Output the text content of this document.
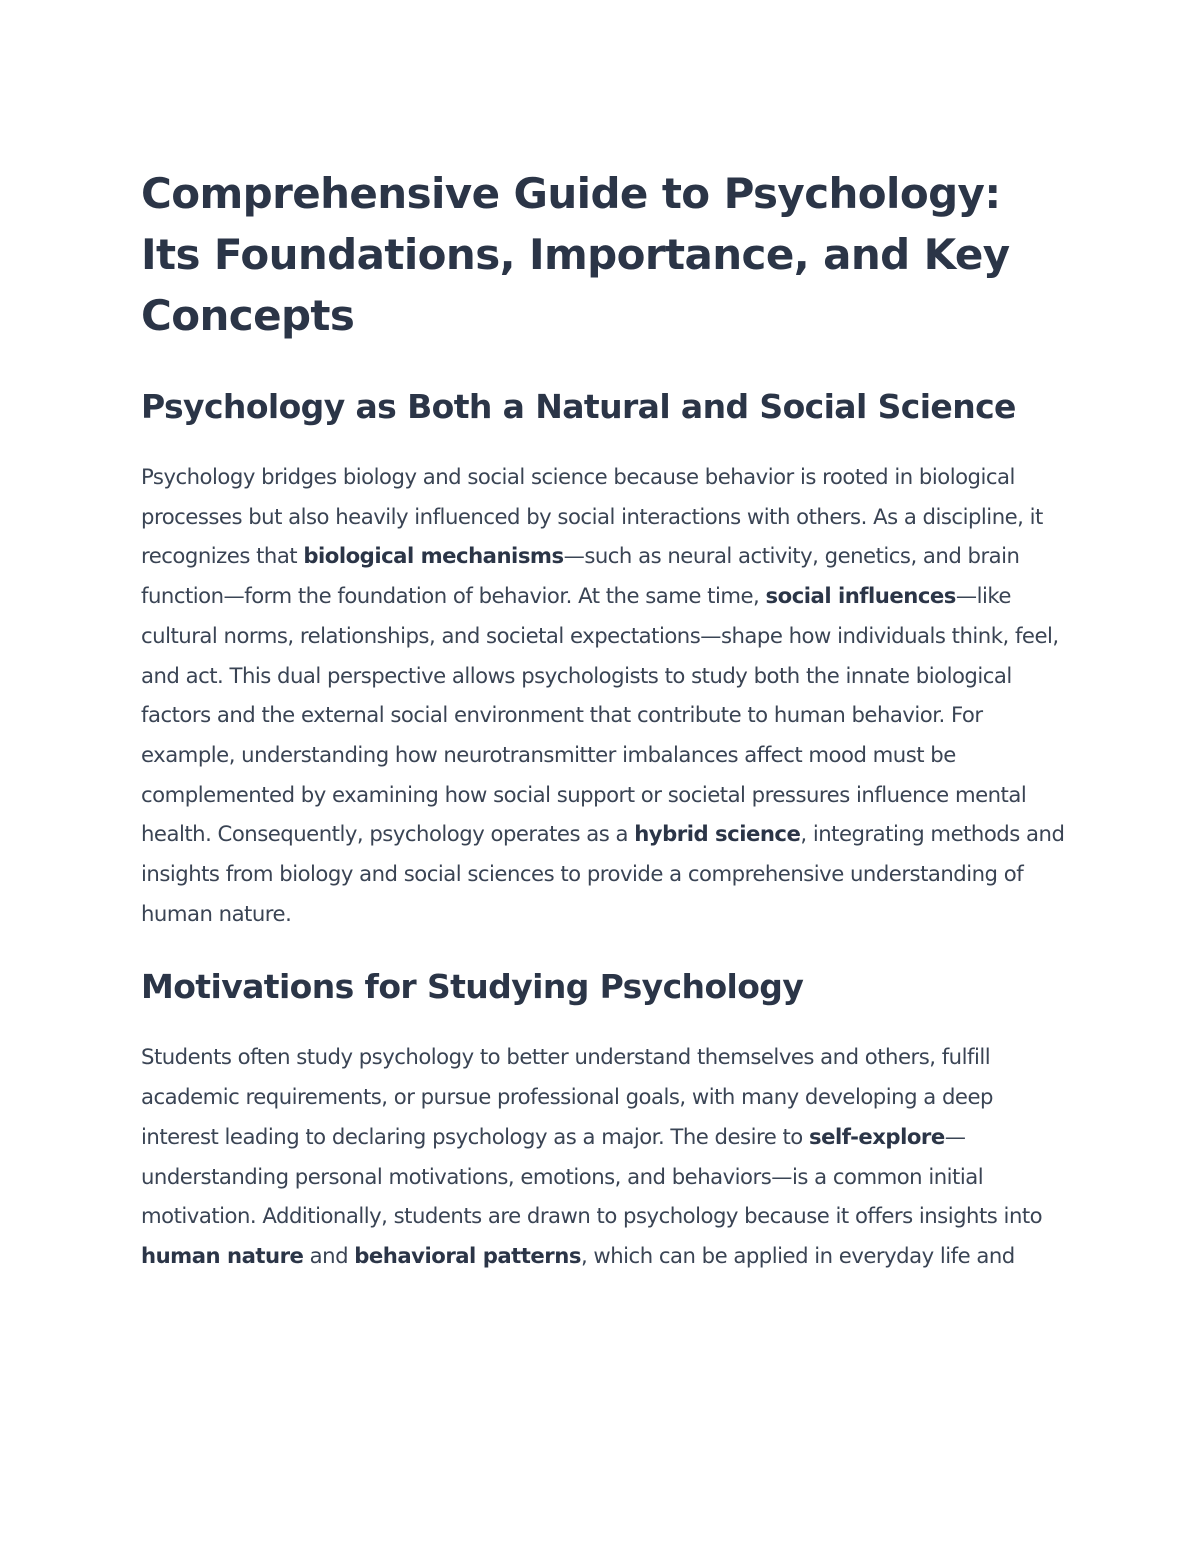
Comprehensive Guide to Psychology: Its Foundations, Importance, and Key Concepts
Psychology as Both a Natural and Social Science

Psychology bridges biology and social science because behavior is rooted in biological processes but also heavily influenced by social interactions with others. As a discipline, it recognizes that biological mechanisms—such as neural activity, genetics, and brain function—form the foundation of behavior. At the same time, social influences—like cultural norms, relationships, and societal expectations—shape how individuals think, feel, and act. This dual perspective allows psychologists to study both the innate biological factors and the external social environment that contribute to human behavior. For example, understanding how neurotransmitter imbalances affect mood must be complemented by examining how social support or societal pressures influence mental health. Consequently, psychology operates as a hybrid science, integrating methods and insights from biology and social sciences to provide a comprehensive understanding of human nature.

Motivations for Studying Psychology

Students often study psychology to better understand themselves and others, fulfill academic requirements, or pursue professional goals, with many developing a deep interest leading to declaring psychology as a major. The desire to self-explore—understanding personal motivations, emotions, and behaviors—is a common initial motivation. Additionally, students are drawn to psychology because it offers insights into human nature and behavioral patterns, which can be applied in everyday life and
